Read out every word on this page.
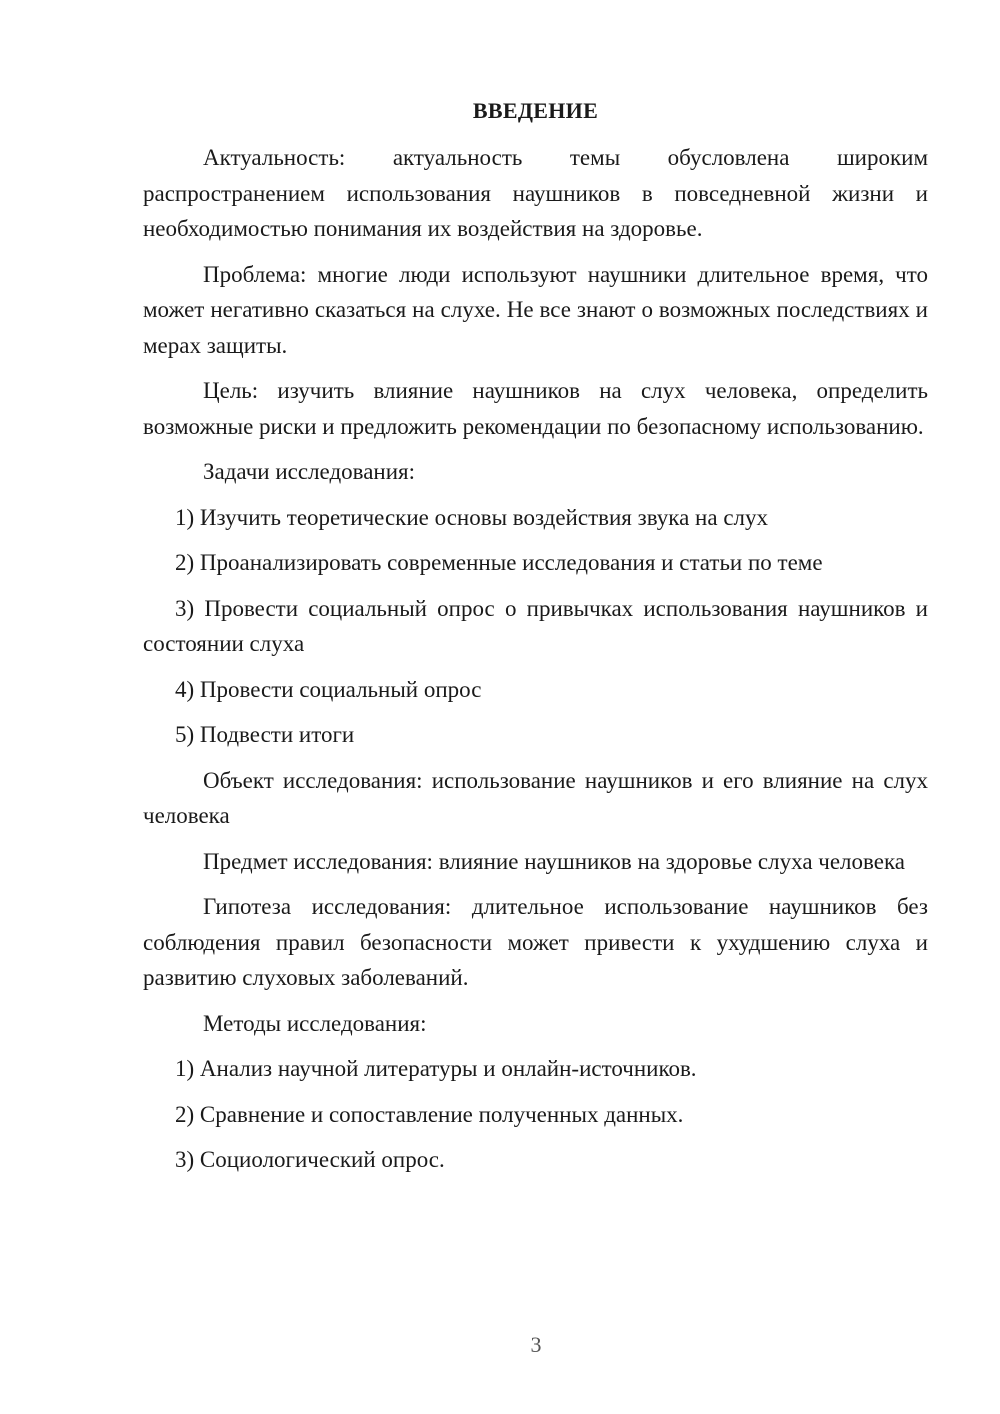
ВВЕДЕНИЕ

Актуальность: актуальность темы обусловлена широким распространением использования наушников в повседневной жизни и необходимостью понимания их воздействия на здоровье.

Проблема: многие люди используют наушники длительное время, что может негативно сказаться на слухе. Не все знают о возможных последствиях и мерах защиты.

Цель: изучить влияние наушников на слух человека, определить возможные риски и предложить рекомендации по безопасному использованию.

Задачи исследования:

1) Изучить теоретические основы воздействия звука на слух

2) Проанализировать современные исследования и статьи по теме

3) Провести социальный опрос о привычках использования наушников и состоянии слуха

4) Провести социальный опрос

5) Подвести итоги

Объект исследования: использование наушников и его влияние на слух человека

Предмет исследования: влияние наушников на здоровье слуха человека

Гипотеза исследования: длительное использование наушников без соблюдения правил безопасности может привести к ухудшению слуха и развитию слуховых заболеваний.

Методы исследования:

1) Анализ научной литературы и онлайн-источников.

2) Сравнение и сопоставление полученных данных.

3) Социологический опрос.

3
